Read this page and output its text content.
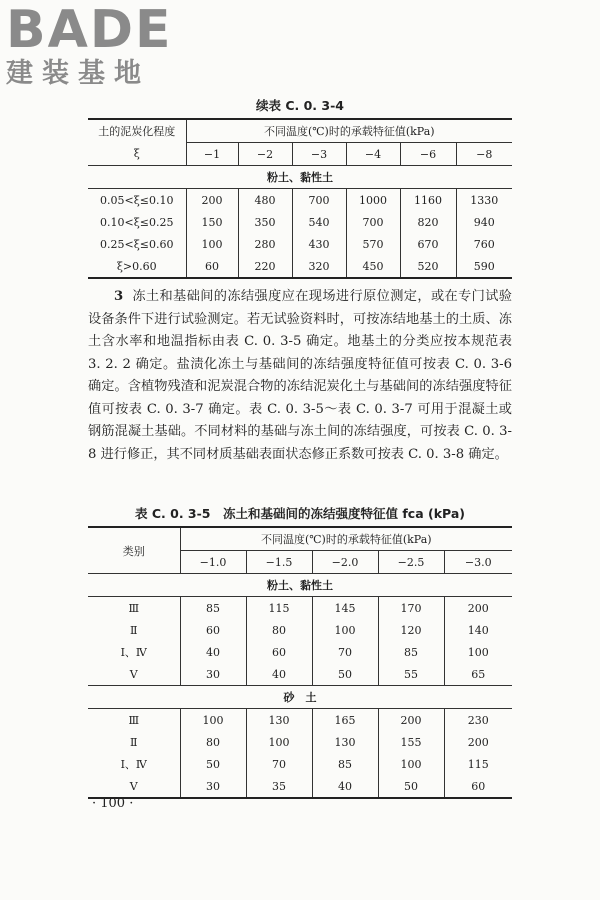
BADE
建装基地
续表 C. 0. 3-4
土的泥炭化程度	不同温度(℃)时的承载特征值(kPa)					
ξ	−1	−2	−3	−4	−6	−8
粉土、黏性土						
0.05<ξ≤0.10	200	480	700	1000	1160	1330
0.10<ξ≤0.25	150	350	540	700	820	940
0.25<ξ≤0.60	100	280	430	570	670	760
ξ>0.60	60	220	320	450	520	590
3 冻土和基础间的冻结强度应在现场进行原位测定，或在专门试验设备条件下进行试验测定。若无试验资料时，可按冻结地基土的土质、冻土含水率和地温指标由表 C. 0. 3-5 确定。地基土的分类应按本规范表 3. 2. 2 确定。盐渍化冻土与基础间的冻结强度特征值可按表 C. 0. 3-6 确定。含植物残渣和泥炭混合物的冻结泥炭化土与基础间的冻结强度特征值可按表 C. 0. 3-7 确定。表 C. 0. 3-5～表 C. 0. 3-7 可用于混凝土或钢筋混凝土基础。不同材料的基础与冻土间的冻结强度，可按表 C. 0. 3-8 进行修正，其不同材质基础表面状态修正系数可按表 C. 0. 3-8 确定。
表 C. 0. 3-5　冻土和基础间的冻结强度特征值 fca (kPa)
类别	不同温度(℃)时的承载特征值(kPa)				
	−1.0	−1.5	−2.0	−2.5	−3.0
粉土、黏性土					
Ⅲ	85	115	145	170	200
Ⅱ	60	80	100	120	140
Ⅰ、Ⅳ	40	60	70	85	100
Ⅴ	30	40	50	55	65
砂　土					
Ⅲ	100	130	165	200	230
Ⅱ	80	100	130	155	200
Ⅰ、Ⅳ	50	70	85	100	115
Ⅴ	30	35	40	50	60
· 100 ·
